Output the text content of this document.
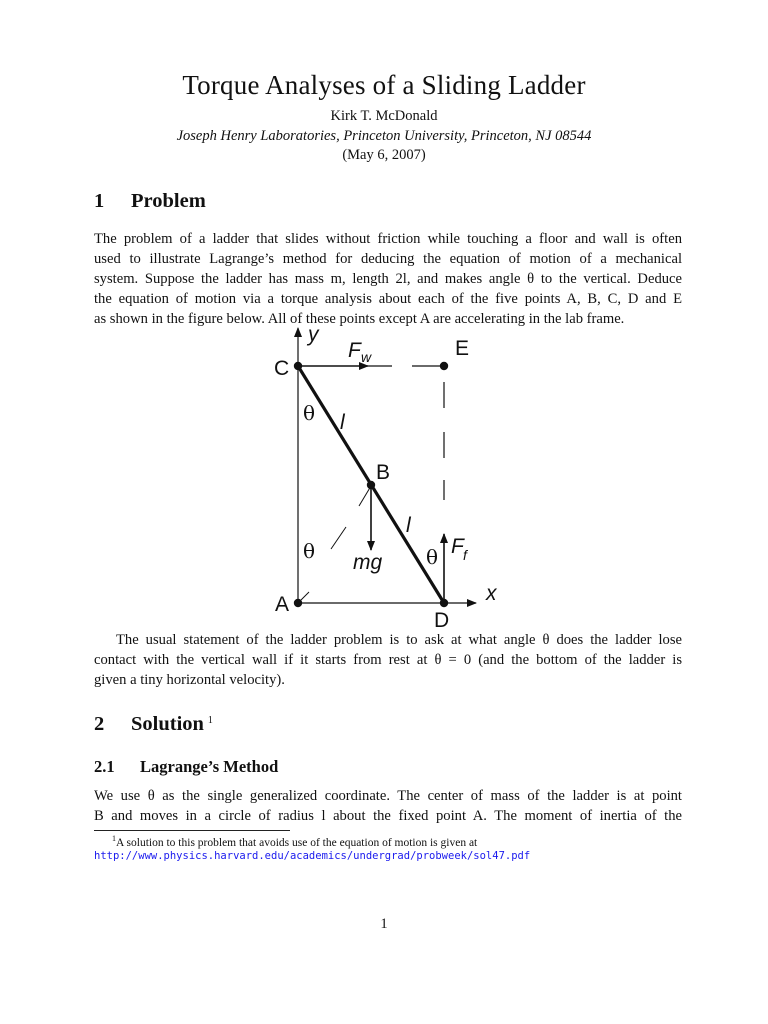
Torque Analyses of a Sliding Ladder
Kirk T. McDonald
Joseph Henry Laboratories, Princeton University, Princeton, NJ 08544
(May 6, 2007)
1 Problem
The problem of a ladder that slides without friction while touching a floor and wall is often
used to illustrate Lagrange’s method for deducing the equation of motion of a mechanical
system. Suppose the ladder has mass m, length 2l, and makes angle θ to the vertical. Deduce
the equation of motion via a torque analysis about each of the five points A, B, C, D and E
as shown in the figure below. All of these points except A are accelerating in the lab frame.
y
x
C
E
B
A
D
F w
F f
mg
l
l
θ
θ	θ
The usual statement of the ladder problem is to ask at what angle θ does the ladder lose
contact with the vertical wall if it starts from rest at θ = 0 (and the bottom of the ladder is
given a tiny horizontal velocity).
2 Solution $^1$
2.1 Lagrange’s Method
We use θ as the single generalized coordinate. The center of mass of the ladder is at point
B and moves in a circle of radius l about the fixed point A. The moment of inertia of the
$^1$A solution to this problem that avoids use of the equation of motion is given at
http://www.physics.harvard.edu/academics/undergrad/probweek/sol47.pdf
1
